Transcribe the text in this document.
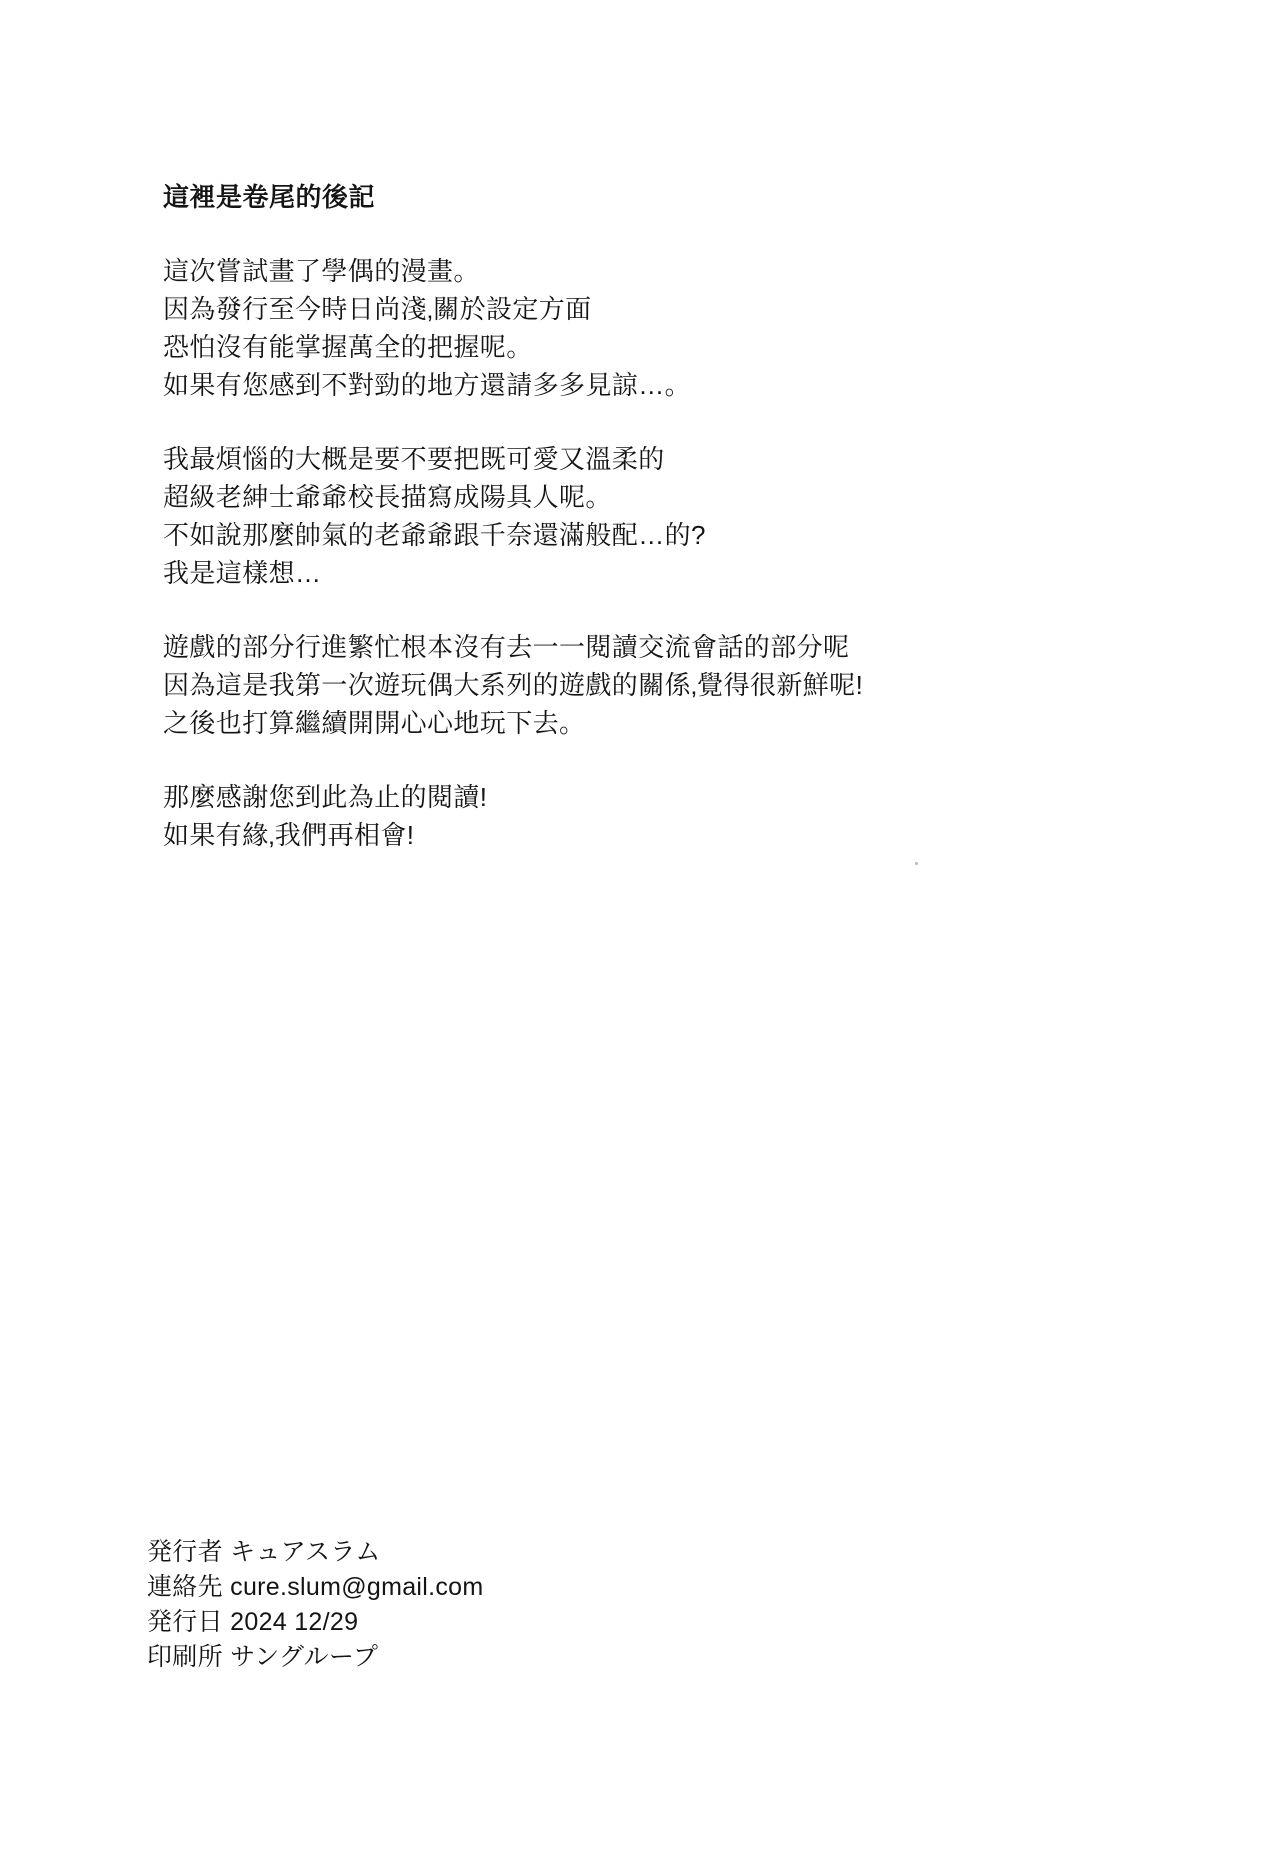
這裡是卷尾的後記
這次嘗試畫了學偶的漫畫。
因為發行至今時日尚淺‚關於設定方面
恐怕沒有能掌握萬全的把握呢。
如果有您感到不對勁的地方還請多多見諒…。
我最煩惱的大概是要不要把既可愛又溫柔的
超級老紳士爺爺校長描寫成陽具人呢。
不如說那麼帥氣的老爺爺跟千奈還滿般配…的?
我是這樣想…
遊戲的部分行進繁忙根本沒有去一一閱讀交流會話的部分呢
因為這是我第一次遊玩偶大系列的遊戲的關係‚覺得很新鮮呢!
之後也打算繼續開開心心地玩下去。
那麼感謝您到此為止的閱讀!
如果有緣‚我們再相會!
発行者 キュアスラム
連絡先 cure.slum@gmail.com
発行日 2024 12/29
印刷所 サングループ
